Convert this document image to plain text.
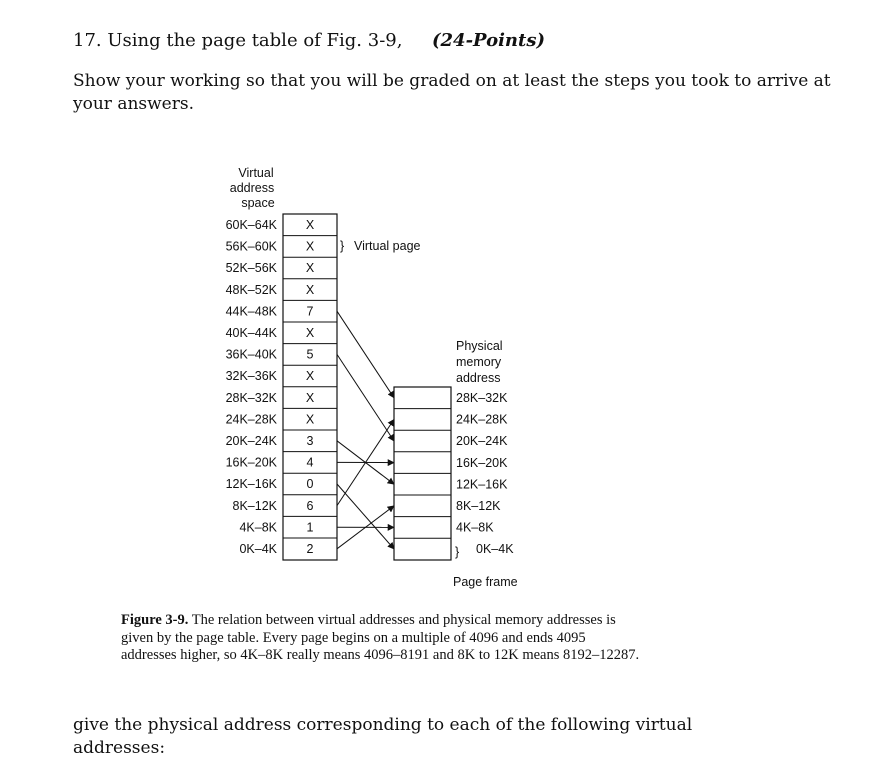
17. Using the page table of Fig. 3-9, (24-Points)
Show your working so that you will be graded on at least the steps you took to arrive at your answers.
Virtual
address
space
60K–64K X
56K–60K X
52K–56K X
48K–52K X
44K–48K 7
40K–44K X
36K–40K 5
32K–36K X
28K–32K X
24K–28K X
20K–24K 3
16K–20K 4
12K–16K 0
8K–12K 6
4K–8K 1
0K–4K 2
} Virtual page
Physical
memory
address
28K–32K
24K–28K
20K–24K
16K–20K
12K–16K
8K–12K
4K–8K
0K–4K
}
Page frame
Figure 3-9. The relation between virtual addresses and physical memory addresses is given by the page table. Every page begins on a multiple of 4096 and ends 4095 addresses higher, so 4K–8K really means 4096–8191 and 8K to 12K means 8192–12287.
give the physical address corresponding to each of the following virtual addresses:
